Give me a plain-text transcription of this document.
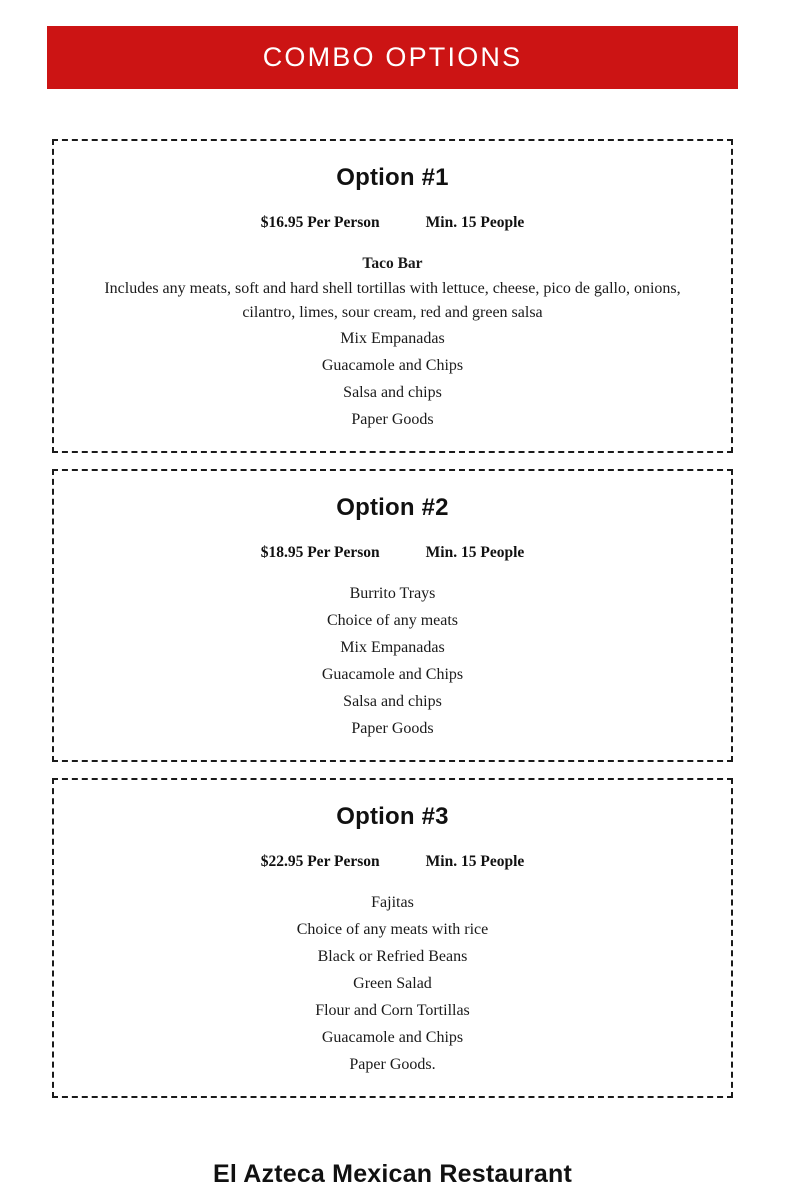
COMBO OPTIONS
Option #1
$16.95 Per Person	Min. 15 People
Taco Bar
Includes any meats, soft and hard shell tortillas with lettuce, cheese, pico de gallo, onions, cilantro, limes, sour cream, red and green salsa
Mix Empanadas
Guacamole and Chips
Salsa and chips
Paper Goods
Option #2
$18.95 Per Person	Min. 15 People
Burrito Trays
Choice of any meats
Mix Empanadas
Guacamole and Chips
Salsa and chips
Paper Goods
Option #3
$22.95 Per Person	Min. 15 People
Fajitas
Choice of any meats with rice
Black or Refried Beans
Green Salad
Flour and Corn Tortillas
Guacamole and Chips
Paper Goods.
El Azteca Mexican Restaurant
